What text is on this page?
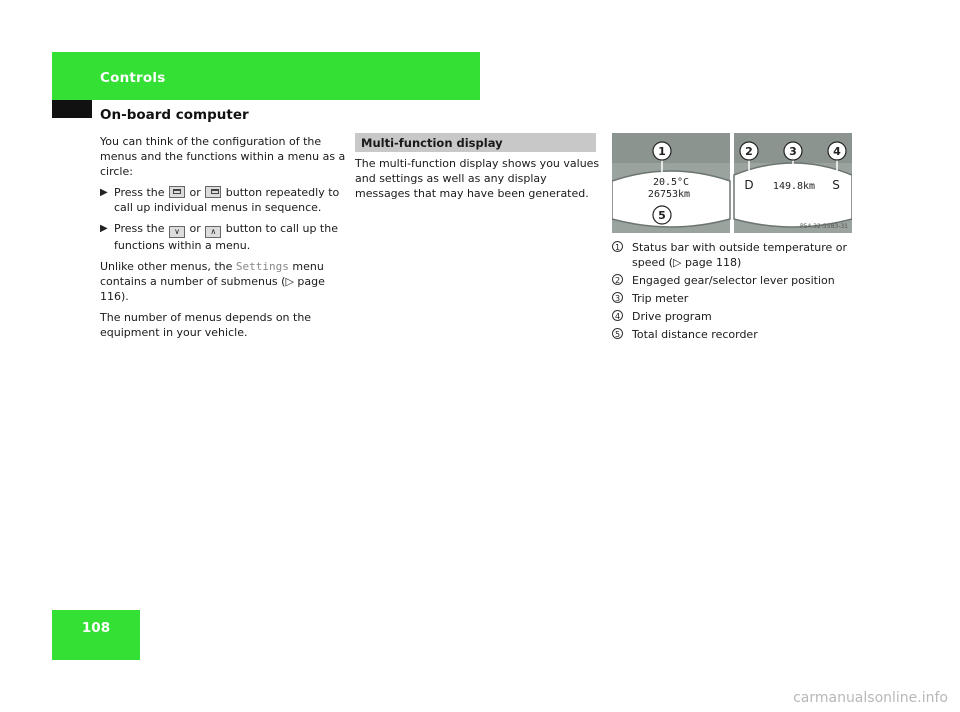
Controls
On-board computer

You can think of the configuration of the menus and the functions within a menu as a circle:

▶ Press the or button repeatedly to call up individual menus in sequence.
▶ Press the ∨ or ∧ button to call up the functions within a menu.

Unlike other menus, the Settings menu contains a number of submenus (▷ page 116).

The number of menus depends on the equipment in your vehicle.

Multi-function display

The multi-function display shows you values and settings as well as any display messages that may have been generated.

20.5°C
26753km
D 149.8km S
1	2	3	4
5
P54.32-5583-31
1 Status bar with outside temperature or speed (▷ page 118)
2 Engaged gear/selector lever position
3 Trip meter
4 Drive program
5 Total distance recorder
108
carmanualsonline.info
